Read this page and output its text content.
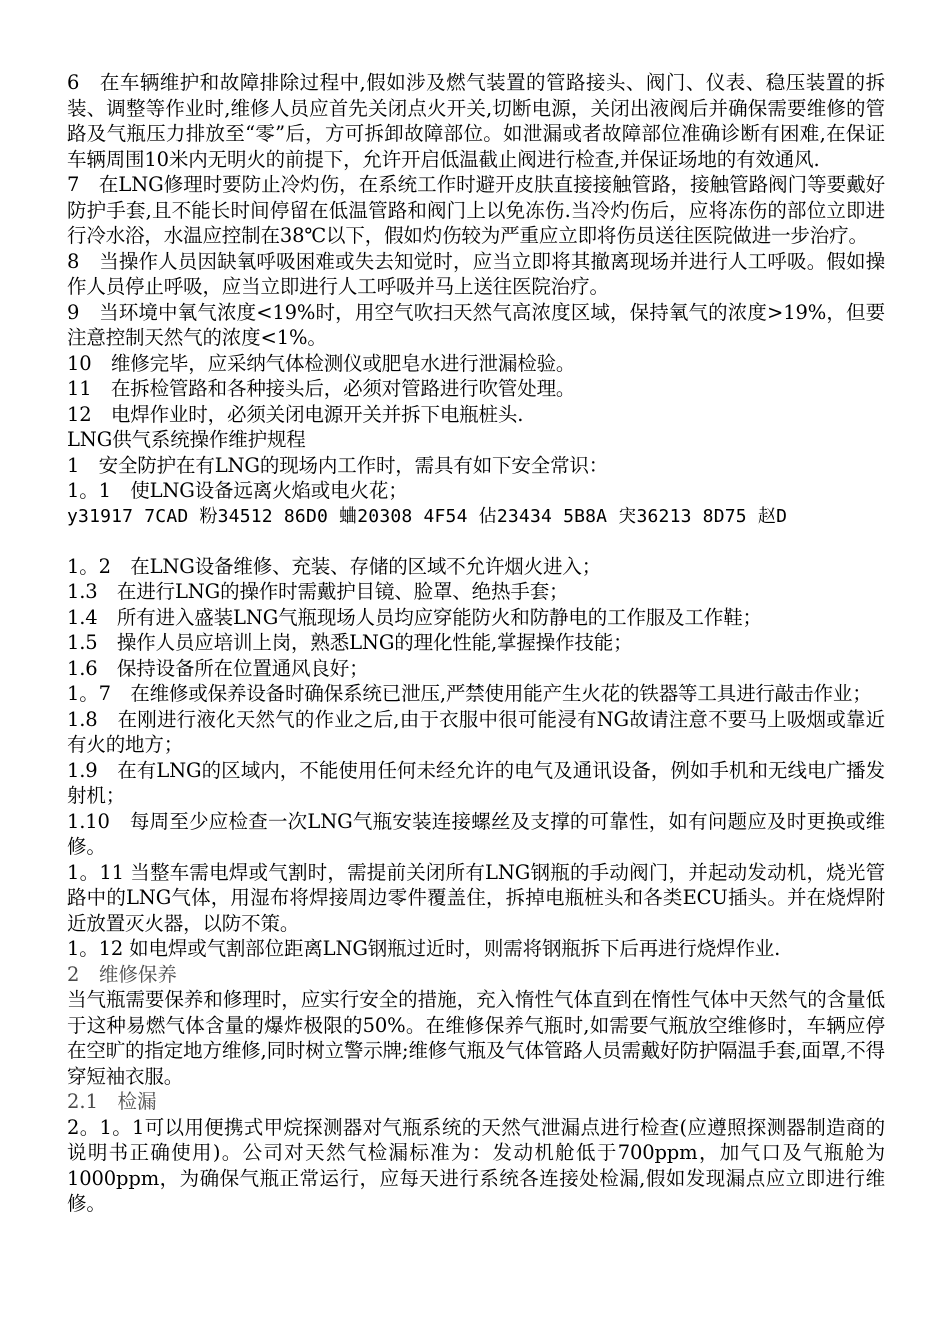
6　在车辆维护和故障排除过程中,假如涉及燃气装置的管路接头、阀门、仪表、稳压装置的拆装、调整等作业时,维修人员应首先关闭点火开关,切断电源，关闭出液阀后并确保需要维修的管路及气瓶压力排放至“零”后，方可拆卸故障部位。如泄漏或者故障部位准确诊断有困难,在保证车辆周围10米内无明火的前提下，允许开启低温截止阀进行检查,并保证场地的有效通风.

7　在LNG修理时要防止冷灼伤，在系统工作时避开皮肤直接接触管路，接触管路阀门等要戴好防护手套,且不能长时间停留在低温管路和阀门上以免冻伤.当冷灼伤后，应将冻伤的部位立即进行冷水浴，水温应控制在38℃以下，假如灼伤较为严重应立即将伤员送往医院做进一步治疗。

8　当操作人员因缺氧呼吸困难或失去知觉时，应当立即将其撤离现场并进行人工呼吸。假如操作人员停止呼吸，应当立即进行人工呼吸并马上送往医院治疗。

9　当环境中氧气浓度<19%时，用空气吹扫天然气高浓度区域，保持氧气的浓度>19%，但要注意控制天然气的浓度<1%。

10　维修完毕，应采纳气体检测仪或肥皂水进行泄漏检验。

11　在拆检管路和各种接头后，必须对管路进行吹管处理。

12　电焊作业时，必须关闭电源开关并拆下电瓶桩头.

LNG供气系统操作维护规程

1　安全防护在有LNG的现场内工作时，需具有如下安全常识：

1。1　使LNG设备远离火焰或电火花；

y31917 7CAD 粉34512 86D0 蛐20308 4F54 佔23434 5B8A 宊36213 8D75 赵D

1。2　在LNG设备维修、充装、存储的区域不允许烟火进入；

1.3　在进行LNG的操作时需戴护目镜、脸罩、绝热手套；

1.4　所有进入盛装LNG气瓶现场人员均应穿能防火和防静电的工作服及工作鞋；

1.5　操作人员应培训上岗，熟悉LNG的理化性能,掌握操作技能；

1.6　保持设备所在位置通风良好；

1。7　在维修或保养设备时确保系统已泄压,严禁使用能产生火花的铁器等工具进行敲击作业；

1.8　在刚进行液化天然气的作业之后,由于衣服中很可能浸有NG故请注意不要马上吸烟或靠近有火的地方；

1.9　在有LNG的区域内，不能使用任何未经允许的电气及通讯设备，例如手机和无线电广播发射机；

1.10　每周至少应检查一次LNG气瓶安装连接螺丝及支撑的可靠性，如有问题应及时更换或维修。

1。11 当整车需电焊或气割时，需提前关闭所有LNG钢瓶的手动阀门，并起动发动机，烧光管路中的LNG气体，用湿布将焊接周边零件覆盖住，拆掉电瓶桩头和各类ECU插头。并在烧焊附近放置灭火器，以防不策。

1。12 如电焊或气割部位距离LNG钢瓶过近时，则需将钢瓶拆下后再进行烧焊作业.

2　维修保养

当气瓶需要保养和修理时，应实行安全的措施，充入惰性气体直到在惰性气体中天然气的含量低于这种易燃气体含量的爆炸极限的50%。在维修保养气瓶时,如需要气瓶放空维修时，车辆应停在空旷的指定地方维修,同时树立警示牌;维修气瓶及气体管路人员需戴好防护隔温手套,面罩,不得穿短袖衣服。

2.1　检漏

2。1。1可以用便携式甲烷探测器对气瓶系统的天然气泄漏点进行检查(应遵照探测器制造商的说明书正确使用)。公司对天然气检漏标准为：发动机舱低于700ppm，加气口及气瓶舱为1000ppm，为确保气瓶正常运行，应每天进行系统各连接处检漏,假如发现漏点应立即进行维修。
